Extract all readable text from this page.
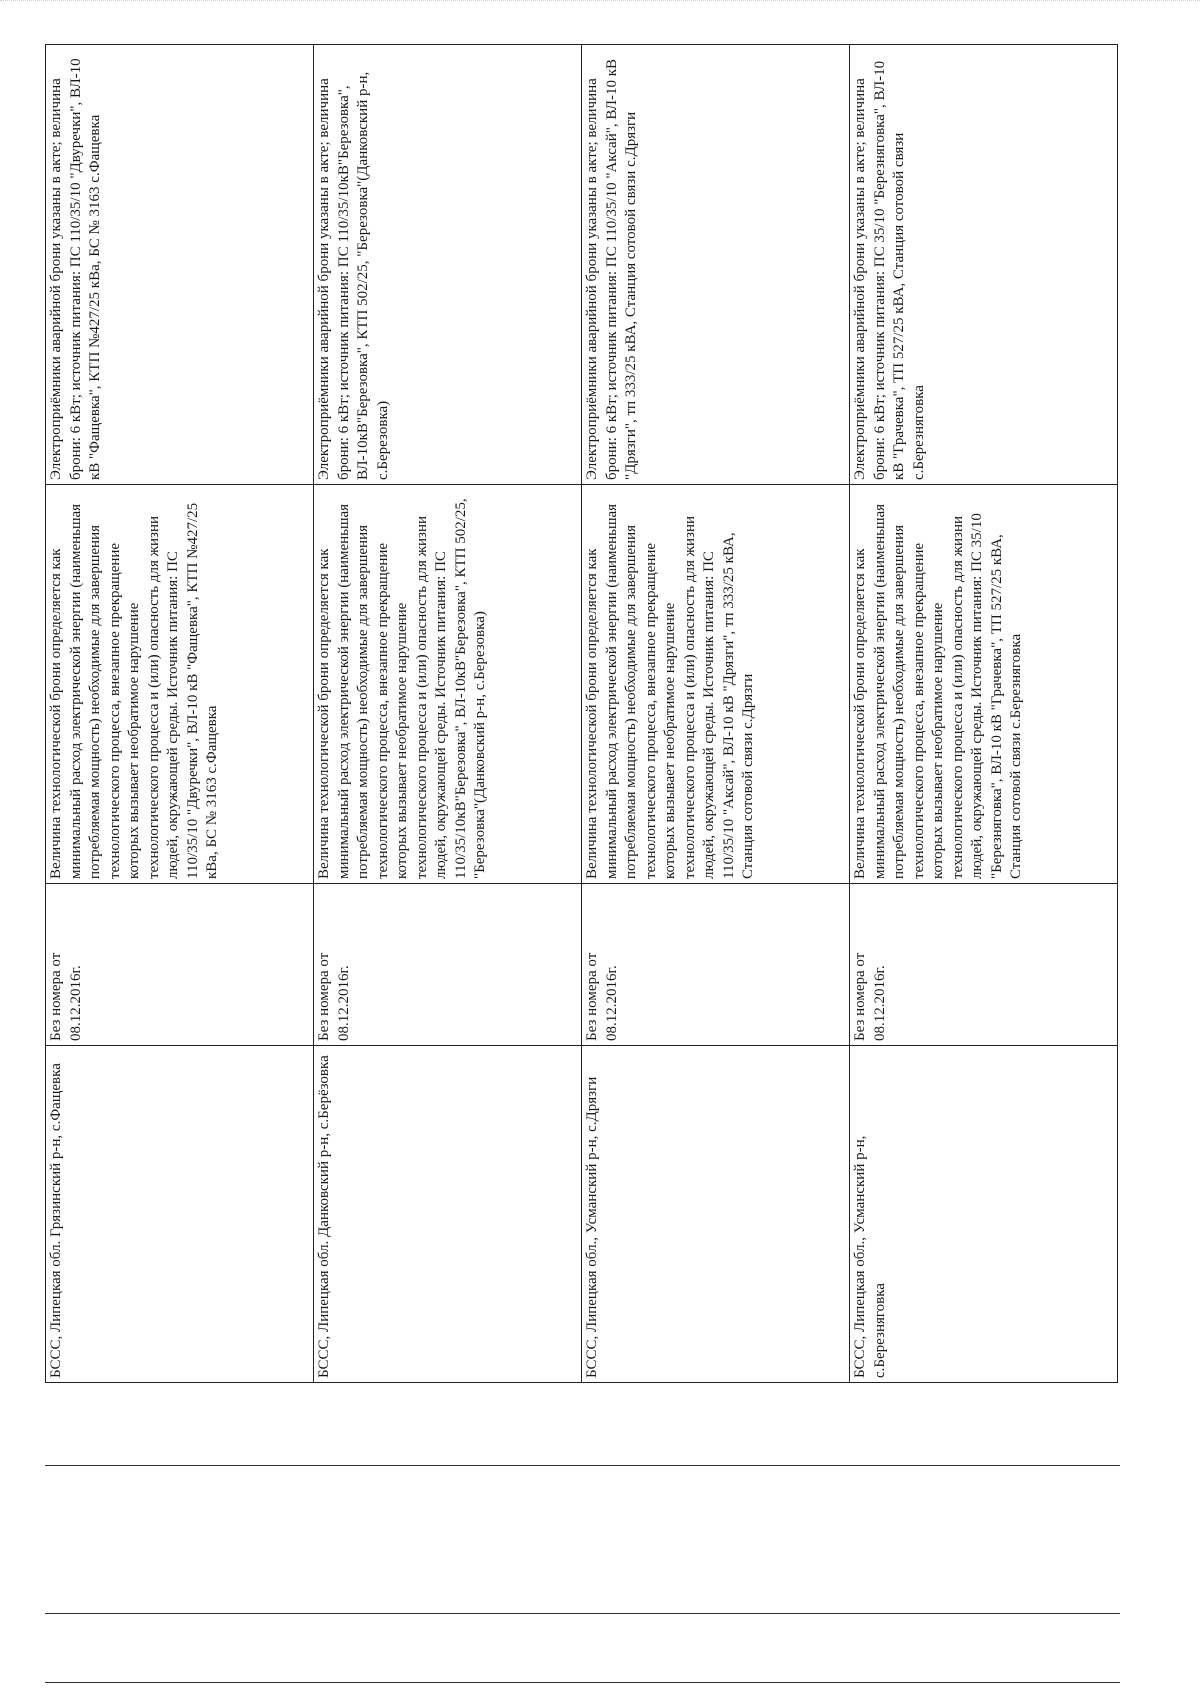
БССС, Липецкая обл. Грязинский р-н, с.Фащевка	Без номера от 08.12.2016г.	Величина технологической брони определяется как минимальный расход электрической энергии (наименьшая потребляемая мощность) необходимые для завершения технологического процесса, внезапное прекращение которых вызывает необратимое нарушение технологического процесса и (или) опасность для жизни людей, окружающей среды. Источник питания: ПС 110/35/10 "Двуречки", ВЛ-10 кВ "Фащевка", КТП №427/25 кВа, БС № 3163 с.Фащевка	Электроприёмники аварийной брони указаны в акте; величина брони: 6 кВт; источник питания: ПС 110/35/10 "Двуречки", ВЛ-10 кВ "Фащевка", КТП №427/25 кВа, БС № 3163 с.Фащевка
БССС, Липецкая обл. Данковский р-н, с.Берёзовка	Без номера от 08.12.2016г.	Величина технологической брони определяется как минимальный расход электрической энергии (наименьшая потребляемая мощность) необходимые для завершения технологического процесса, внезапное прекращение которых вызывает необратимое нарушение технологического процесса и (или) опасность для жизни людей, окружающей среды. Источник питания: ПС 110/35/10кВ"Березовка", ВЛ-10кВ"Березовка", КТП 502/25, "Березовка"(Данковский р-н, с.Березовка)	Электроприёмники аварийной брони указаны в акте; величина брони: 6 кВт; источник питания: ПС 110/35/10кВ"Березовка", ВЛ-10кВ"Березовка", КТП 502/25, "Березовка"(Данковский р-н, с.Березовка)
БССС, Липецкая обл., Усманский р-н, с.Дрязги	Без номера от 08.12.2016г.	Величина технологической брони определяется как минимальный расход электрической энергии (наименьшая потребляемая мощность) необходимые для завершения технологического процесса, внезапное прекращение которых вызывает необратимое нарушение технологического процесса и (или) опасность для жизни людей, окружающей среды. Источник питания: ПС 110/35/10 "Аксай", ВЛ-10 кВ "Дрязги", тп 333/25 кВА, Станция сотовой связи с.Дрязги	Электроприёмники аварийной брони указаны в акте; величина брони: 6 кВт; источник питания: ПС 110/35/10 "Аксай", ВЛ-10 кВ "Дрязги", тп 333/25 кВА, Станция сотовой связи с.Дрязги
БССС, Липецкая обл., Усманский р-н, с.Березняговка	Без номера от 08.12.2016г.	Величина технологической брони определяется как минимальный расход электрической энергии (наименьшая потребляемая мощность) необходимые для завершения технологического процесса, внезапное прекращение которых вызывает необратимое нарушение технологического процесса и (или) опасность для жизни людей, окружающей среды. Источник питания: ПС 35/10 "Березняговка", ВЛ-10 кВ "Грачевка", ТП 527/25 кВА, Станция сотовой связи с.Березняговка	Электроприёмники аварийной брони указаны в акте; величина брони: 6 кВт; источник питания: ПС 35/10 "Березняговка", ВЛ-10 кВ "Грачевка", ТП 527/25 кВА, Станция сотовой связи с.Березняговка
